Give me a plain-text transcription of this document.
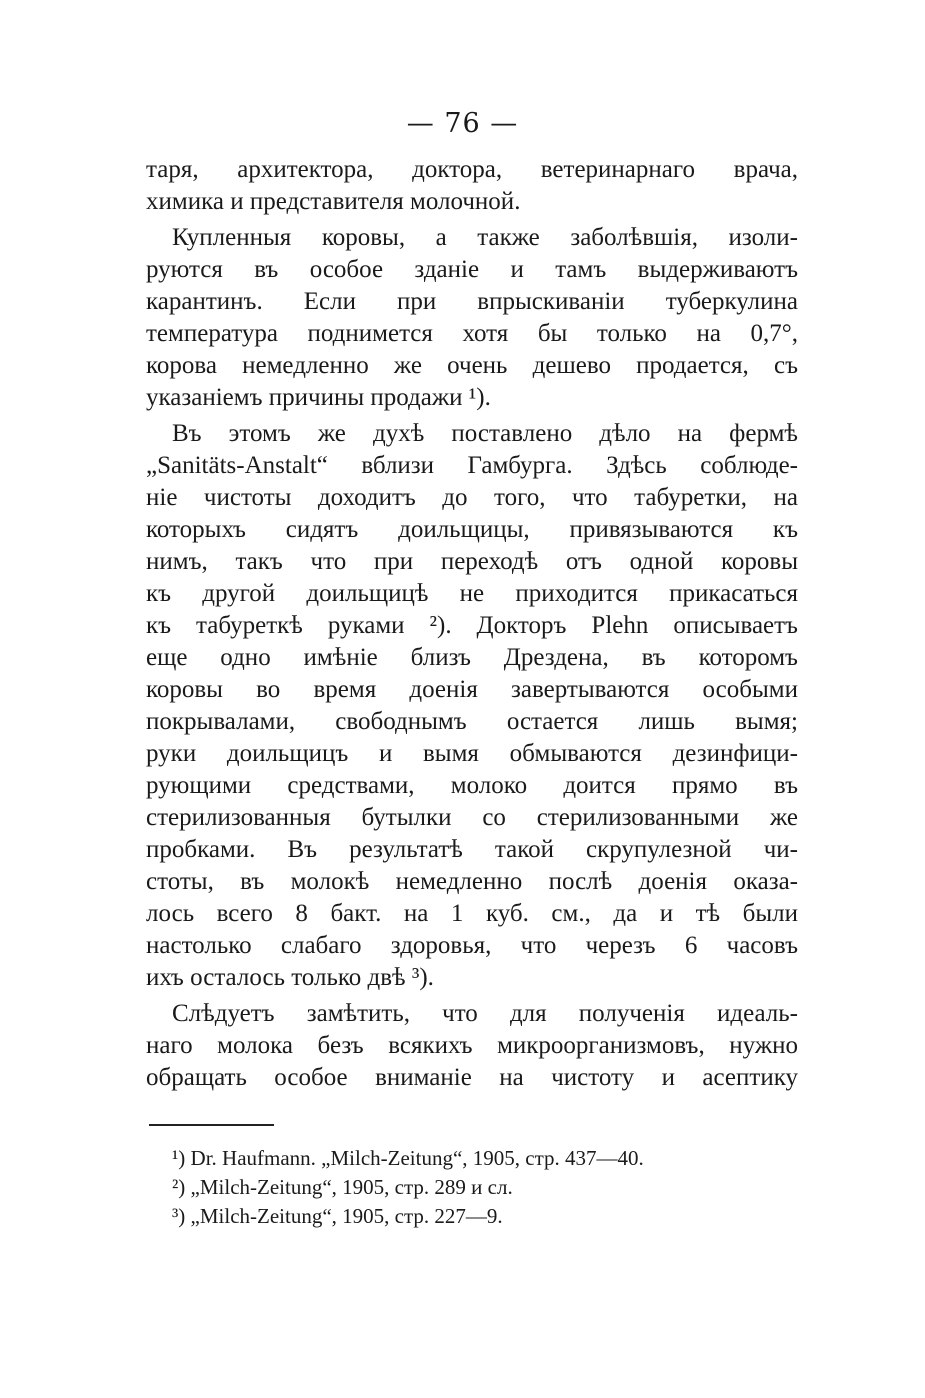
— 76 —
таря, архитектора, доктора, ветеринарнаго врача,
химика и представителя молочной.
Купленныя коровы, а также заболѣвшія, изоли-
руются въ особое зданіе и тамъ выдерживаютъ
карантинъ. Если при впрыскиваніи туберкулина
температура поднимется хотя бы только на 0,7°,
корова немедленно же очень дешево продается, съ
указаніемъ причины продажи ¹).
Въ этомъ же духѣ поставлено дѣло на фермѣ
„Sanitäts-Anstalt“ вблизи Гамбурга. Здѣсь соблюде-
ніе чистоты доходитъ до того, что табуретки, на
которыхъ сидятъ доильщицы, привязываются къ
нимъ, такъ что при переходѣ отъ одной коровы
къ другой доильщицѣ не приходится прикасаться
къ табуреткѣ руками ²). Докторъ Plehn описываетъ
еще одно имѣніе близъ Дрездена, въ которомъ
коровы во время доенія завертываются особыми
покрывалами, свободнымъ остается лишь вымя;
руки доильщицъ и вымя обмываются дезинфици-
рующими средствами, молоко доится прямо въ
стерилизованныя бутылки со стерилизованными же
пробками. Въ результатѣ такой скрупулезной чи-
стоты, въ молокѣ немедленно послѣ доенія оказа-
лось всего 8 бакт. на 1 куб. см., да и тѣ были
настолько слабаго здоровья, что черезъ 6 часовъ
ихъ осталось только двѣ ³).
Слѣдуетъ замѣтить, что для полученія идеаль-
наго молока безъ всякихъ микроорганизмовъ, нужно
обращать особое вниманіе на чистоту и асептику
¹) Dr. Haufmann. „Milch-Zeitung“, 1905, стр. 437—40.
²) „Milch-Zeitung“, 1905, стр. 289 и сл.
³) „Milch-Zeitung“, 1905, стр. 227—9.
